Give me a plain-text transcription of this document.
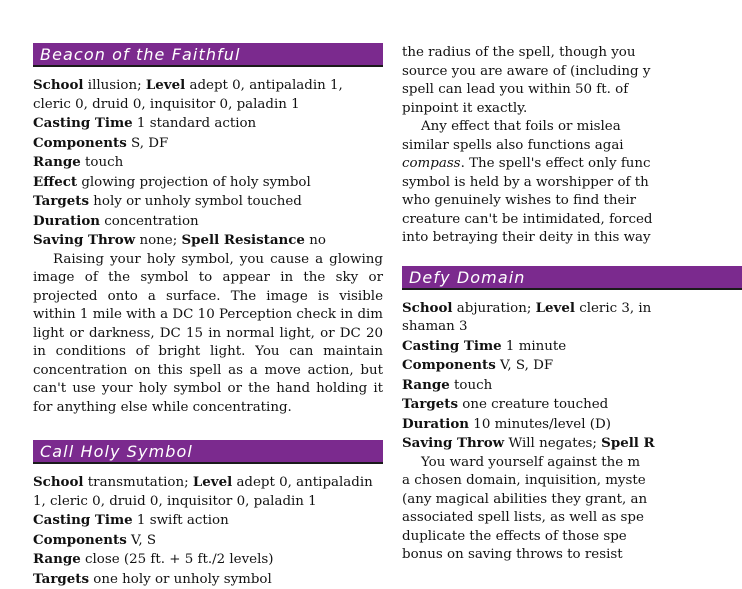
Beacon of the Faithful

School illusion; Level adept 0, antipaladin 1, cleric 0, druid 0, inquisitor 0, paladin 1

Casting Time 1 standard action

Components S, DF

Range touch

Effect glowing projection of holy symbol

Targets holy or unholy symbol touched

Duration concentration

Saving Throw none; Spell Resistance no

Raising your holy symbol, you cause a glowing image of the symbol to appear in the sky or projected onto a surface. The image is visible within 1 mile with a DC 10 Perception check in dim light or darkness, DC 15 in normal light, or DC 20 in conditions of bright light. You can maintain concentration on this spell as a move action, but can't use your holy symbol or the hand holding it for anything else while concentrating.

Call Holy Symbol

School transmutation; Level adept 0, antipaladin 1, cleric 0, druid 0, inquisitor 0, paladin 1

Casting Time 1 swift action

Components V, S

Range close (25 ft. + 5 ft./2 levels)

Targets one holy or unholy symbol

the radius of the spell, though you

source you are aware of (including y

spell can lead you within 50 ft. of

pinpoint it exactly.

Any effect that foils or mislea

similar spells also functions agai

compass. The spell's effect only func

symbol is held by a worshipper of th

who genuinely wishes to find their

creature can't be intimidated, forced

into betraying their deity in this way

Defy Domain

School abjuration; Level cleric 3, in

shaman 3

Casting Time 1 minute

Components V, S, DF

Range touch

Targets one creature touched

Duration 10 minutes/level (D)

Saving Throw Will negates; Spell R

You ward yourself against the m

a chosen domain, inquisition, myste

(any magical abilities they grant, an

associated spell lists, as well as spe

duplicate the effects of those spe

bonus on saving throws to resist
